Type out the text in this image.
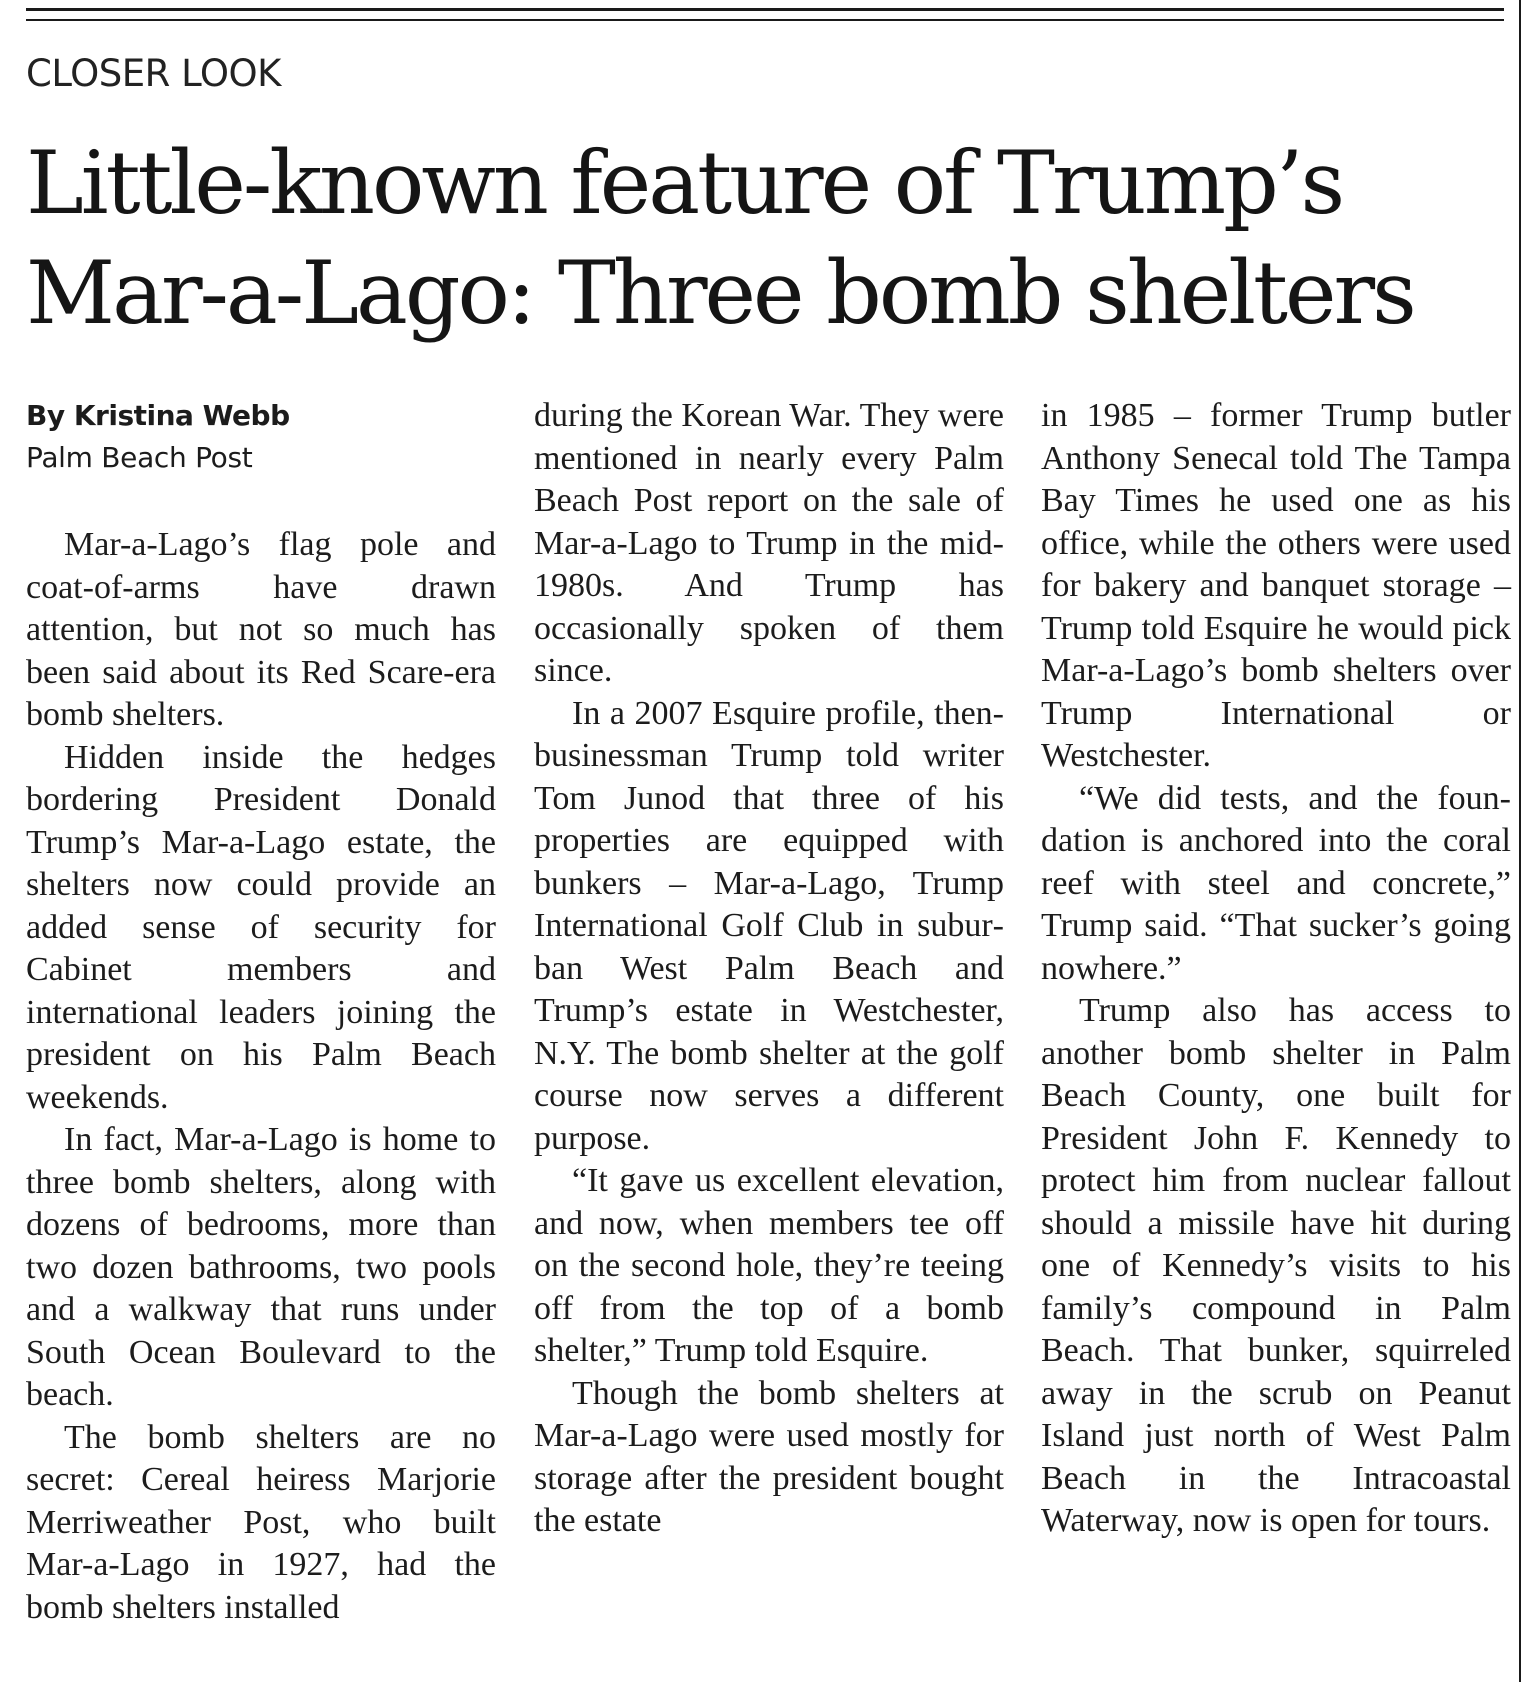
CLOSER LOOK
Little-known feature of Trump’s
Mar-a-Lago: Three bomb shelters
By Kristina Webb
Palm Beach Post

Mar-a-Lago’s flag pole and coat-of-arms have drawn attention, but not so much has been said about its Red Scare-era bomb shelters.

Hidden inside the hedges bordering President Donald Trump’s Mar-a-Lago estate, the shelters now could provide an added sense of security for Cabinet members and international leaders joining the president on his Palm Beach weekends.

In fact, Mar-a-Lago is home to three bomb shelters, along with dozens of bedrooms, more than two dozen bathrooms, two pools and a walkway that runs under South Ocean Boulevard to the beach.

The bomb shelters are no secret: Cereal heiress Marjorie Merriweather Post, who built Mar-a-Lago in 1927, had the bomb shelters installed

during the Korean War. They were mentioned in nearly every Palm Beach Post report on the sale of Mar-a-Lago to Trump in the mid-1980s. And Trump has occasionally spoken of them since.

In a 2007 Esquire profile, then-businessman Trump told writer Tom Junod that three of his properties are equipped with bunkers – Mar-a-Lago, Trump International Golf Club in suburban West Palm Beach and Trump’s estate in Westchester, N.Y. The bomb shelter at the golf course now serves a different purpose.

“It gave us excellent elevation, and now, when members tee off on the second hole, they’re teeing off from the top of a bomb shelter,” Trump told Esquire.

Though the bomb shelters at Mar-a-Lago were used mostly for storage after the president bought the estate

in 1985 – former Trump butler Anthony Senecal told The Tampa Bay Times he used one as his office, while the others were used for bakery and banquet storage – Trump told Esquire he would pick Mar-a-Lago’s bomb shelters over Trump International or Westchester.

“We did tests, and the foundation is anchored into the coral reef with steel and concrete,” Trump said. “That sucker’s going nowhere.”

Trump also has access to another bomb shelter in Palm Beach County, one built for President John F. Kennedy to protect him from nuclear fallout should a missile have hit during one of Kennedy’s visits to his family’s compound in Palm Beach. That bunker, squirreled away in the scrub on Peanut Island just north of West Palm Beach in the Intracoastal Waterway, now is open for tours.
